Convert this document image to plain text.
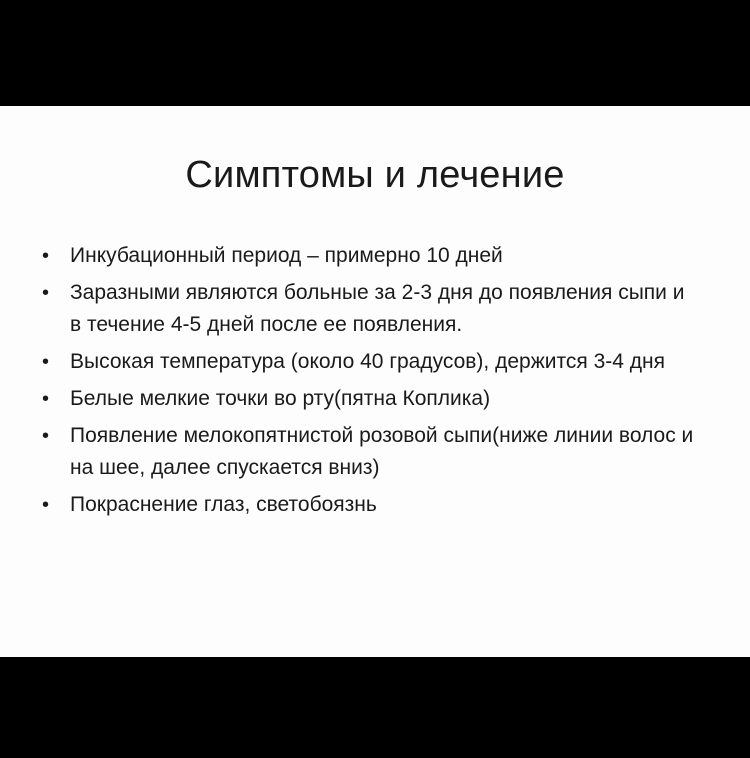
Симптомы и лечение
• Инкубационный период – примерно 10 дней
• Заразными являются больные за 2-3 дня до появления сыпи и в течение 4-5 дней после ее появления.
• Высокая температура (около 40 градусов), держится 3-4 дня
• Белые мелкие точки во рту(пятна Коплика)
• Появление мелокопятнистой розовой сыпи(ниже линии волос и на шее, далее спускается вниз)
• Покраснение глаз, светобоязнь
